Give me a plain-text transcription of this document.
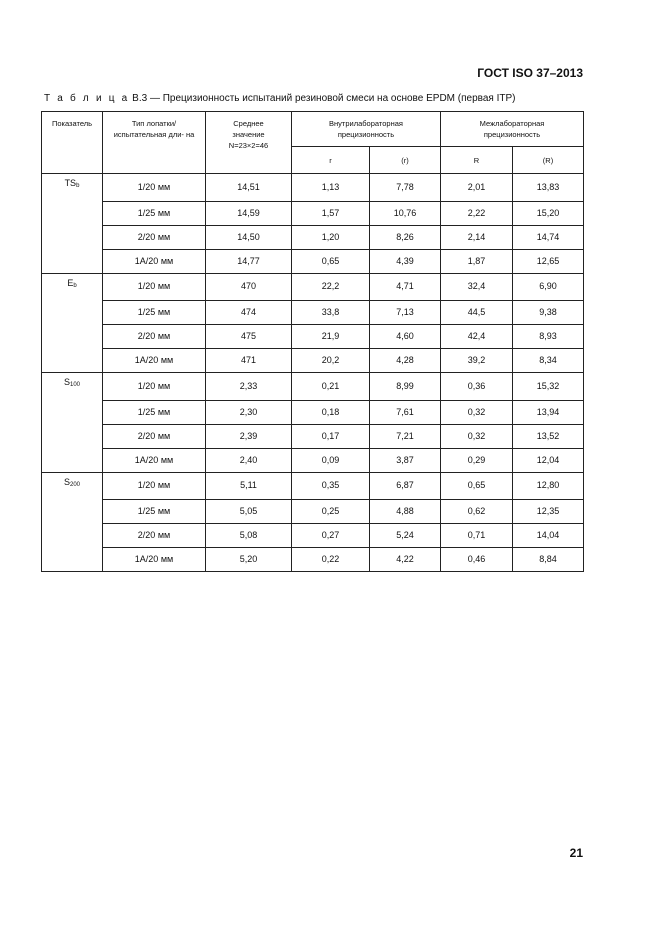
ГОСТ ISO 37–2013
Т а б л и ц а В.3 — Прецизионность испытаний резиновой смеси на основе EPDM (первая ITP)
Показатель	Тип лопатки/ испытательная дли- на	Среднее значение N=23×2=46	Внутрилабораторная прецизионность		Межлабораторная прецизионность	
			r	(r)	R	(R)
TSb	1/20 мм	14,51	1,13	7,78	2,01	13,83
	1/25 мм	14,59	1,57	10,76	2,22	15,20
	2/20 мм	14,50	1,20	8,26	2,14	14,74
	1А/20 мм	14,77	0,65	4,39	1,87	12,65
Eb	1/20 мм	470	22,2	4,71	32,4	6,90
	1/25 мм	474	33,8	7,13	44,5	9,38
	2/20 мм	475	21,9	4,60	42,4	8,93
	1А/20 мм	471	20,2	4,28	39,2	8,34
S100	1/20 мм	2,33	0,21	8,99	0,36	15,32
	1/25 мм	2,30	0,18	7,61	0,32	13,94
	2/20 мм	2,39	0,17	7,21	0,32	13,52
	1А/20 мм	2,40	0,09	3,87	0,29	12,04
S200	1/20 мм	5,11	0,35	6,87	0,65	12,80
	1/25 мм	5,05	0,25	4,88	0,62	12,35
	2/20 мм	5,08	0,27	5,24	0,71	14,04
	1А/20 мм	5,20	0,22	4,22	0,46	8,84
21
